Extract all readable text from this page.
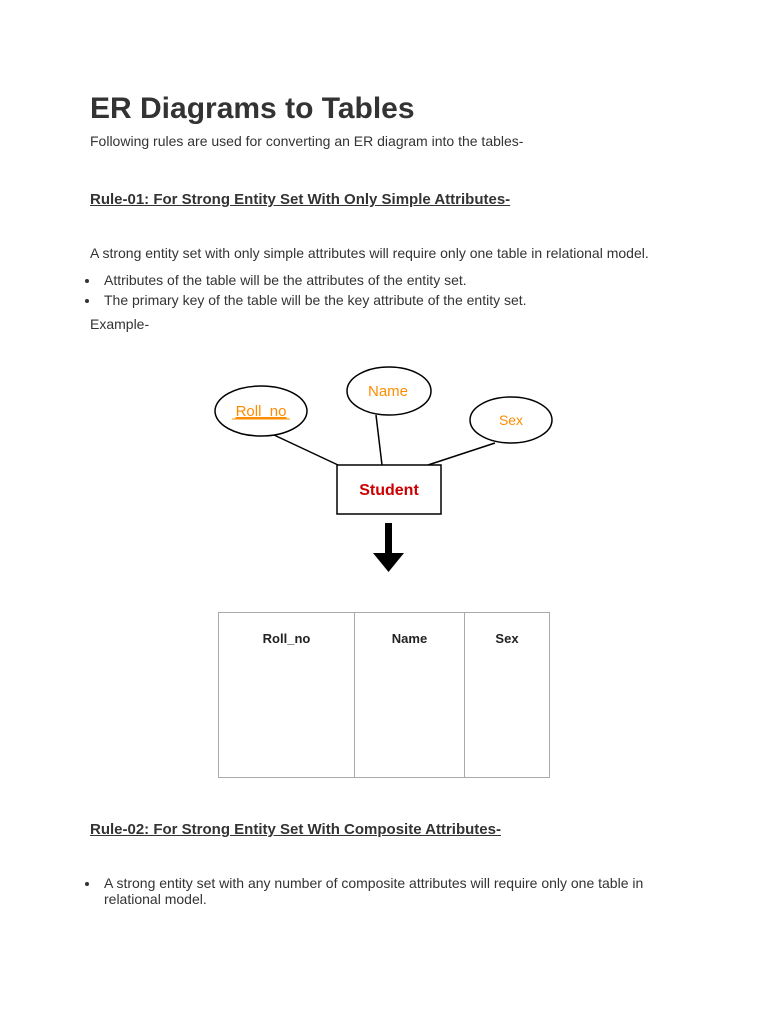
ER Diagrams to Tables

Following rules are used for converting an ER diagram into the tables-

Rule-01: For Strong Entity Set With Only Simple Attributes-

A strong entity set with only simple attributes will require only one table in relational model.

Attributes of the table will be the attributes of the entity set.
The primary key of the table will be the key attribute of the entity set.

Example-

Roll_no
Name
Sex
Student
Roll_no	Name	Sex
Rule-02: For Strong Entity Set With Composite Attributes-
A strong entity set with any number of composite attributes will require only one table in relational model.
